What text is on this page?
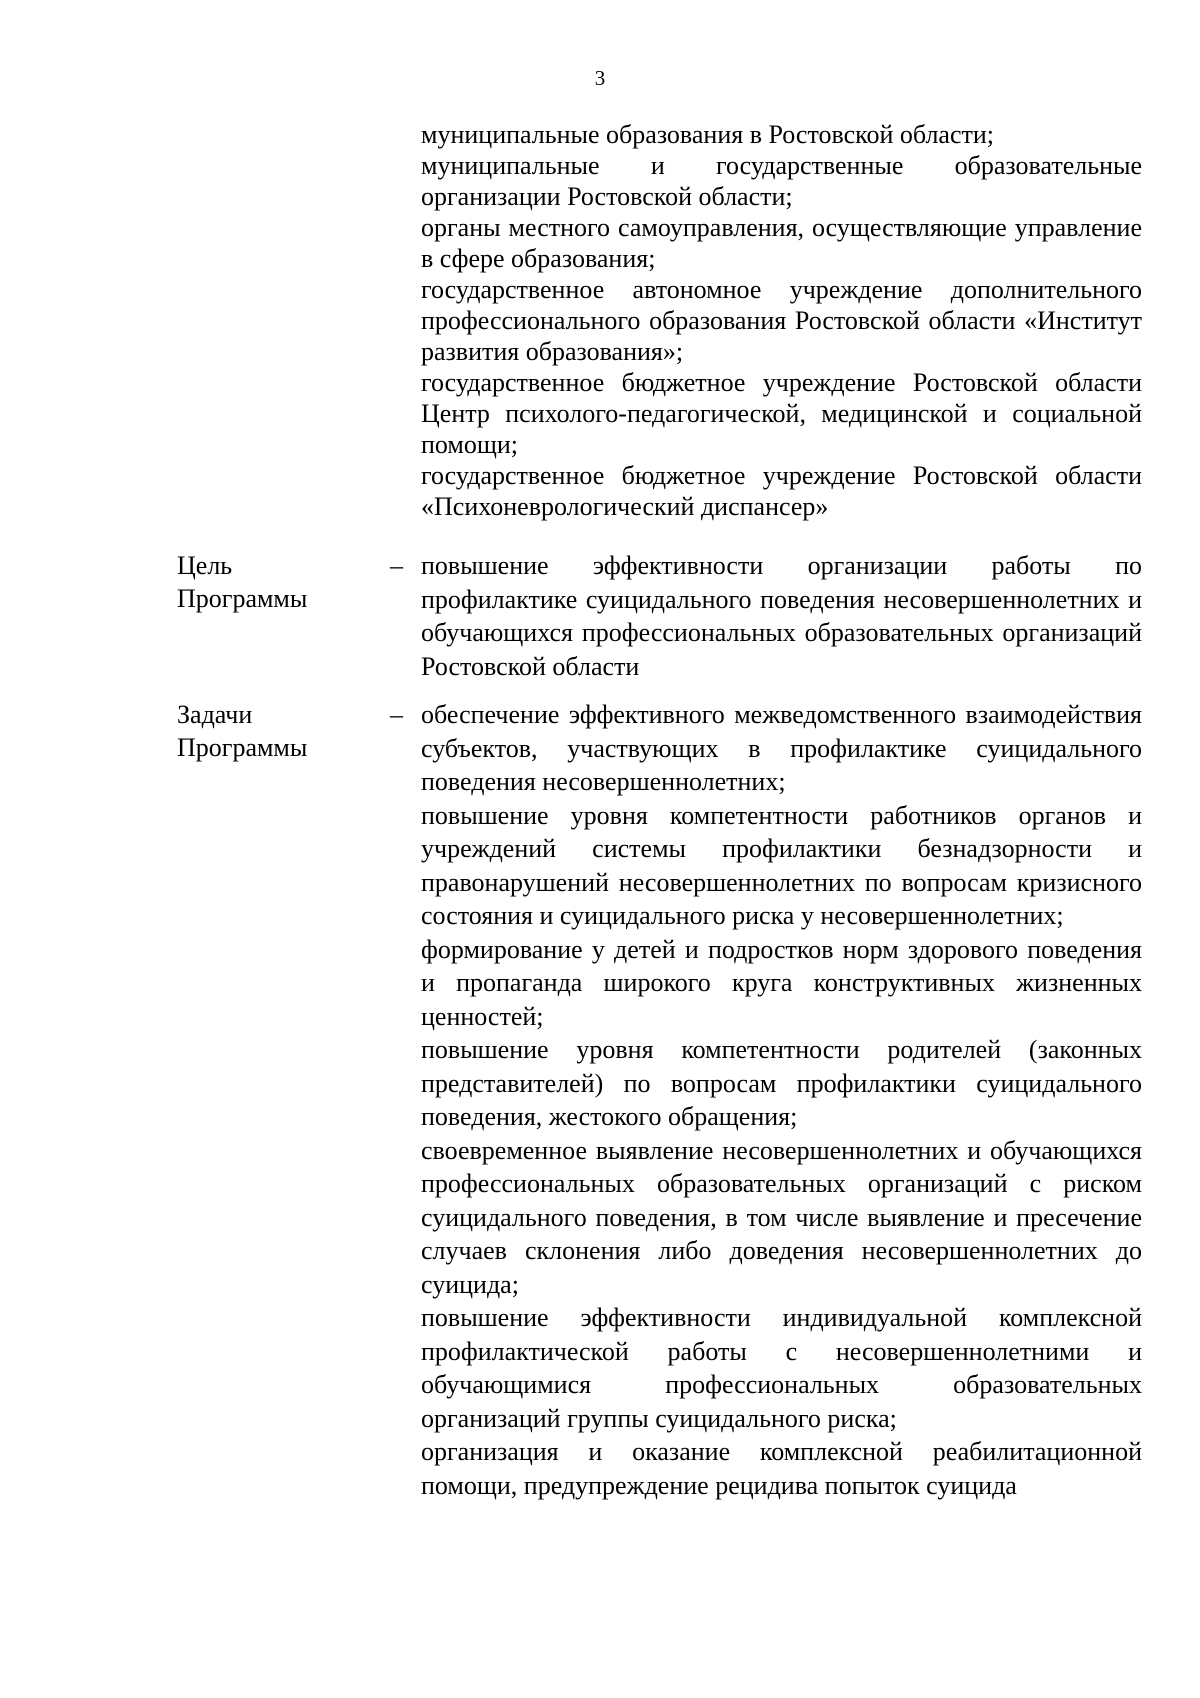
3

муниципальные образования в Ростовской области;

муниципальные и государственные образовательные организации Ростовской области;

органы местного самоуправления, осуществляющие управление в сфере образования;

государственное автономное учреждение дополнительного профессионального образования Ростовской области «Институт развития образования»;

государственное бюджетное учреждение Ростовской области Центр психолого-педагогической, медицинской и социальной помощи;

государственное бюджетное учреждение Ростовской области «Психоневрологический диспансер»

Цель
Программы
– повышение эффективности организации работы по профилактике суицидального поведения несовершеннолетних и обучающихся профессиональных образовательных организаций Ростовской области

Задачи
Программы
– обеспечение эффективного межведомственного взаимодействия субъектов, участвующих в профилактике суицидального поведения несовершеннолетних;

повышение уровня компетентности работников органов и учреждений системы профилактики безнадзорности и правонарушений несовершеннолетних по вопросам кризисного состояния и суицидального риска у несовершеннолетних;

формирование у детей и подростков норм здорового поведения и пропаганда широкого круга конструктивных жизненных ценностей;

повышение уровня компетентности родителей (законных представителей) по вопросам профилактики суицидального поведения, жестокого обращения;

своевременное выявление несовершеннолетних и обучающихся профессиональных образовательных организаций с риском суицидального поведения, в том числе выявление и пресечение случаев склонения либо доведения несовершеннолетних до суицида;

повышение эффективности индивидуальной комплексной профилактической работы с несовершеннолетними и обучающимися профессиональных образовательных организаций группы суицидального риска;

организация и оказание комплексной реабилитационной помощи, предупреждение рецидива попыток суицида
